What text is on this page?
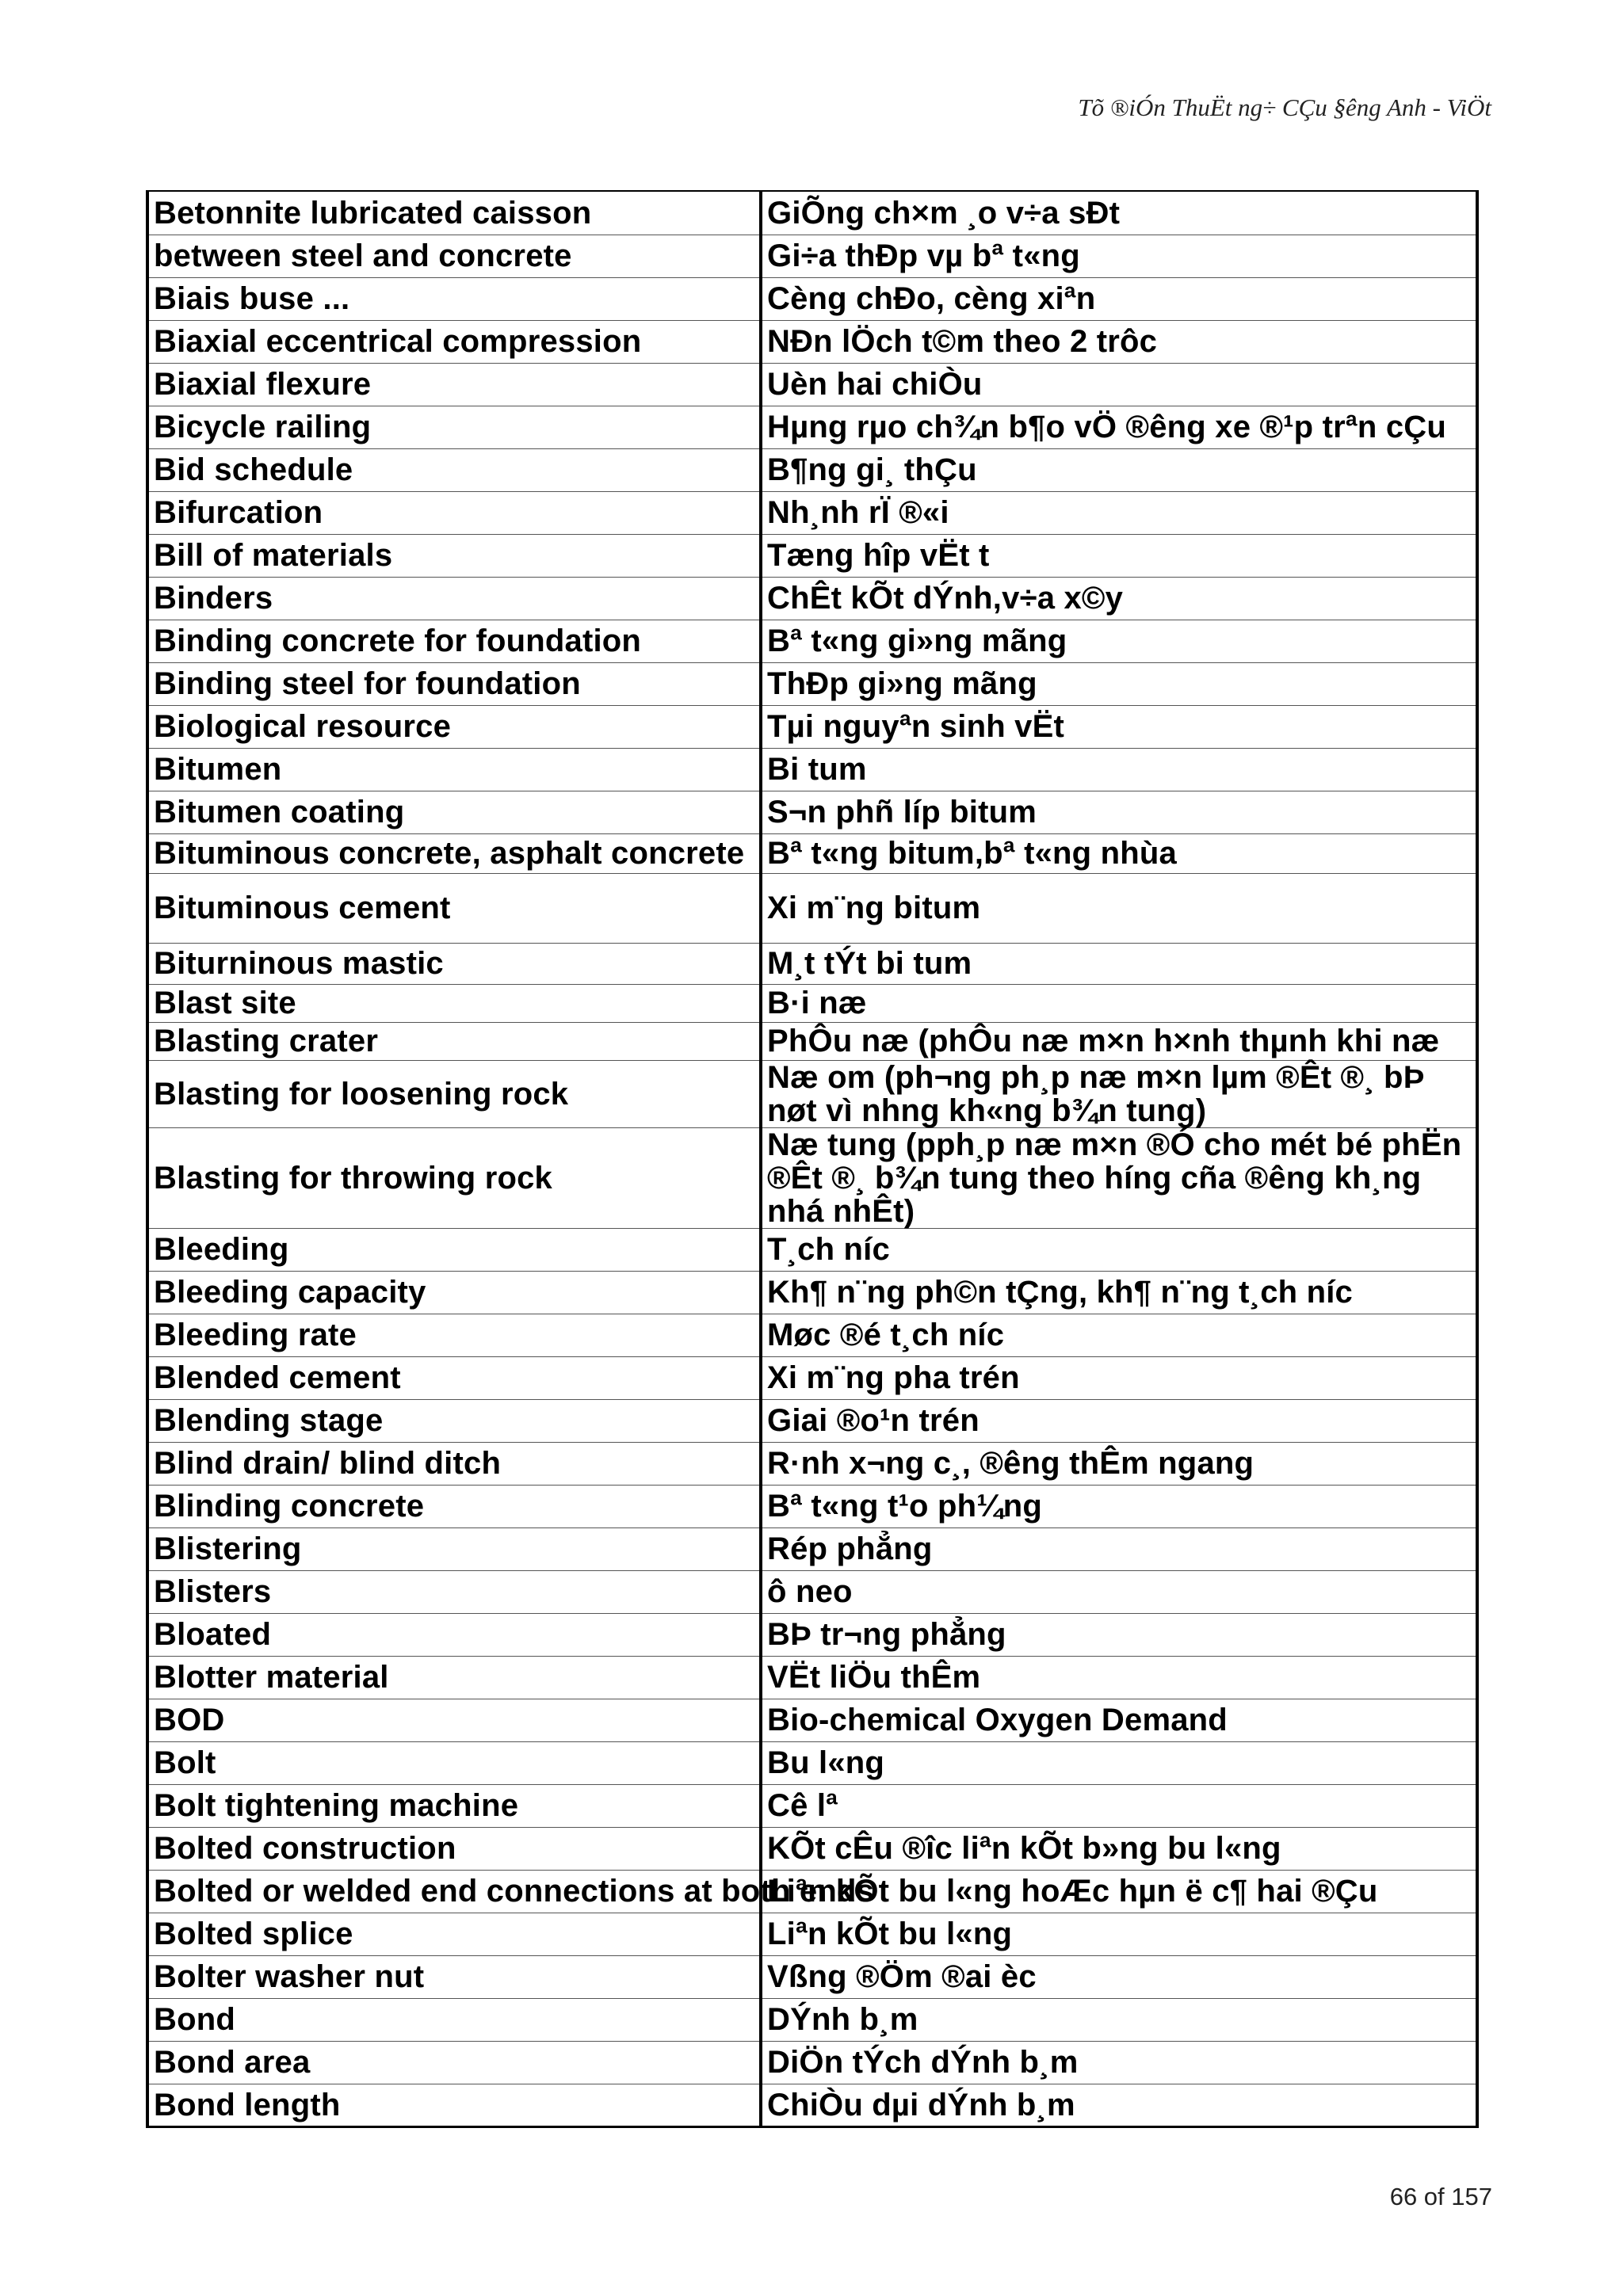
Tõ ®iÓn ThuËt ng÷ CÇu §êng Anh - ViÖt
Betonnite lubricated caisson	GiÕng ch×m ¸o v÷a sÐt
between steel and concrete	Gi÷a thÐp vµ bª t«ng
Biais buse ...	Cèng chÐo, cèng xiªn
Biaxial eccentrical compression	NÐn lÖch t©m theo 2 trôc
Biaxial flexure	Uèn hai chiÒu
Bicycle railing	Hµng rµo ch¾n b¶o vÖ ®êng xe ®¹p trªn cÇu
Bid schedule	B¶ng gi¸ thÇu
Bifurcation	Nh¸nh rÏ ®«i
Bill of materials	Tæng hîp vËt t
Binders	ChÊt kÕt dÝnh,v÷a x©y
Binding concrete for foundation	Bª t«ng gi»ng mãng
Binding steel for foundation	ThÐp gi»ng mãng
Biological resource	Tµi nguyªn sinh vËt
Bitumen	Bi tum
Bitumen coating	S¬n phñ líp bitum
Bituminous concrete, asphalt concrete	Bª t«ng bitum,bª t«ng nhùa
Bituminous cement	Xi m¨ng bitum
Biturninous mastic	M¸t tÝt bi tum
Blast site	B·i næ
Blasting crater	PhÔu næ (phÔu næ m×n h×nh thµnh khi næ
Blasting for loosening rock	Næ om (ph¬ng ph¸p næ m×n lµm ®Êt ®¸ bÞ nøt vì nhng kh«ng b¾n tung)
Blasting for throwing rock	Næ tung (pph¸p næ m×n ®Ó cho mét bé phËn ®Êt ®¸ b¾n tung theo híng cña ®êng kh¸ng nhá nhÊt)
Bleeding	T¸ch níc
Bleeding capacity	Kh¶ n¨ng ph©n tÇng, kh¶ n¨ng t¸ch níc
Bleeding rate	Møc ®é t¸ch níc
Blended cement	Xi m¨ng pha trén
Blending stage	Giai ®o¹n trén
Blind drain/ blind ditch	R·nh x¬ng c¸, ®êng thÊm ngang
Blinding concrete	Bª t«ng t¹o ph¼ng
Blistering	Rép phẳng
Blisters	ô neo
Bloated	BÞ tr¬ng phẳng
Blotter material	VËt liÖu thÊm
BOD	Bio-chemical Oxygen Demand
Bolt	Bu l«ng
Bolt tightening machine	Cê lª
Bolted construction	KÕt cÊu ®îc liªn kÕt b»ng bu l«ng
Bolted or welded end connections at both ends	Liªn kÕt bu l«ng hoÆc hµn ë c¶ hai ®Çu
Bolted splice	Liªn kÕt bu l«ng
Bolter washer nut	Vßng ®Öm ®ai èc
Bond	DÝnh b¸m
Bond area	DiÖn tÝch dÝnh b¸m
Bond length	ChiÒu dµi dÝnh b¸m
66 of 157
